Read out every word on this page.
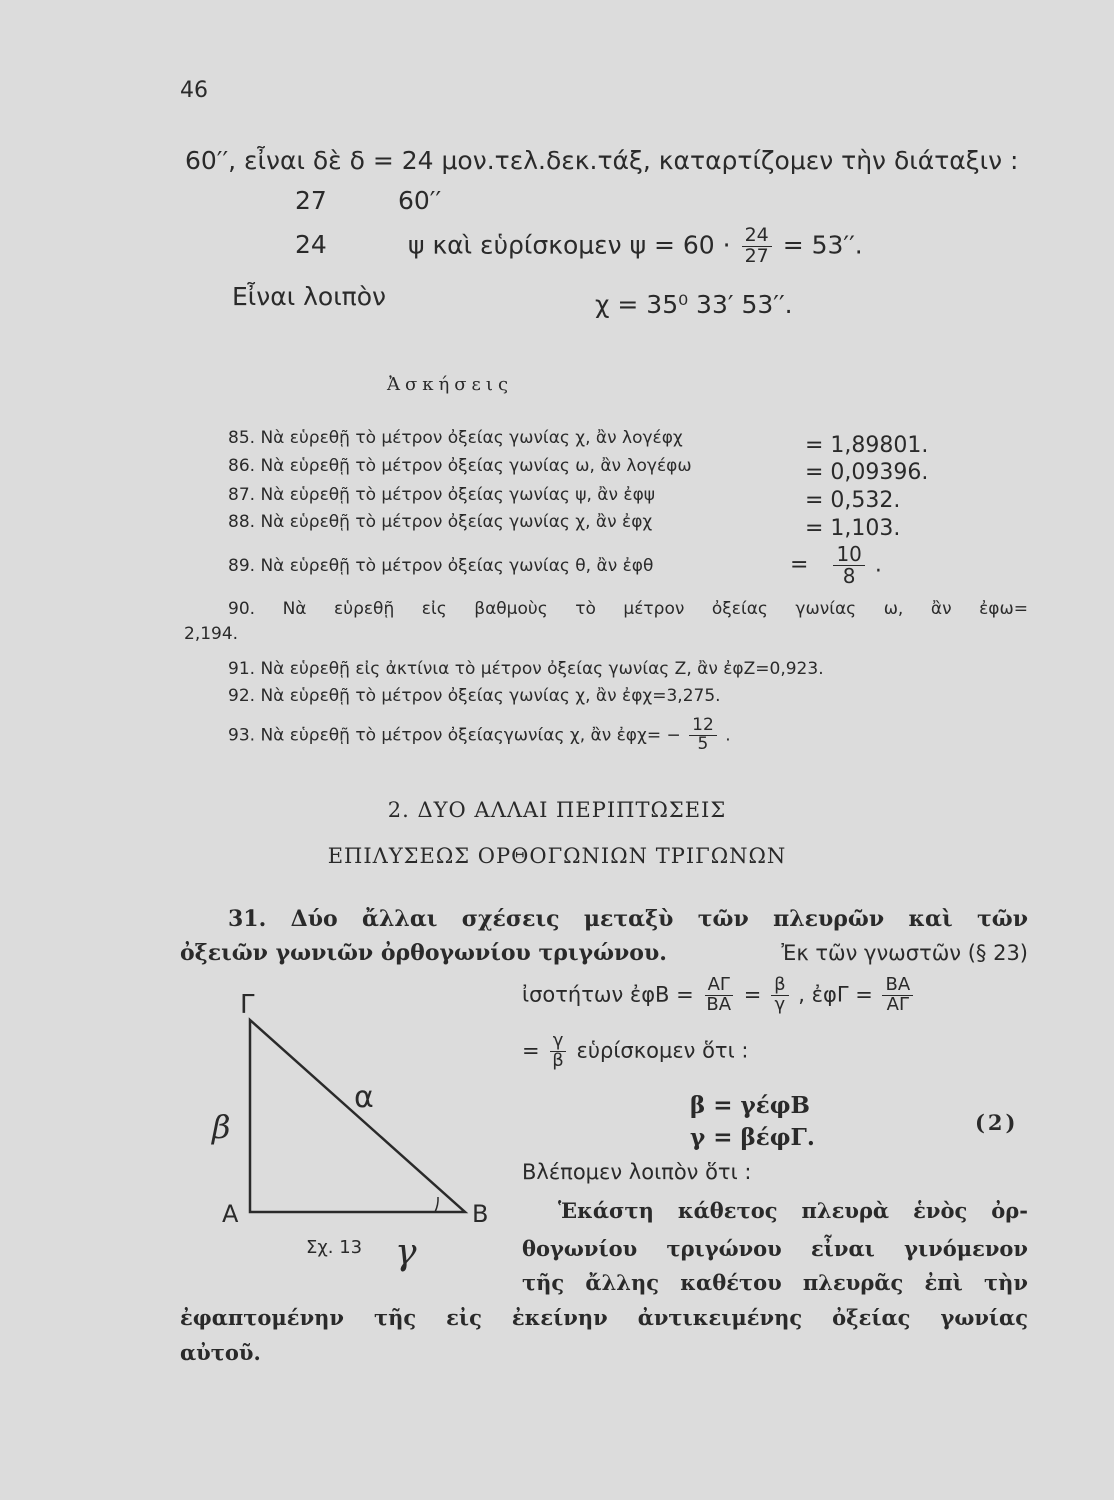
46
60′′, εἶναι δὲ δ = 24 μον.τελ.δεκ.τάξ, καταρτίζομεν τὴν διάταξιν :
27	60′′
24	ψ καὶ εὑρίσκομεν $\psi = 60 \cdot \frac{24}{27} = 53''$.
Εἶναι λοιπὸν	χ = 35⁰ 33′ 53′′.
Ἀσκήσεις
85. Νὰ εὑρεθῇ τὸ μέτρον ὀξείας γωνίας χ, ἂν λογέφχ	= 1,89801.
86. Νὰ εὑρεθῇ τὸ μέτρον ὀξείας γωνίας ω, ἂν λογέφω	= 0,09396.
87. Νὰ εὑρεθῇ τὸ μέτρον ὀξείας γωνίας ψ, ἂν ἐφψ	= 0,532.
88. Νὰ εὑρεθῇ τὸ μέτρον ὀξείας γωνίας χ, ἂν ἐφχ	= 1,103.
89. Νὰ εὑρεθῇ τὸ μέτρον ὀξείας γωνίας θ, ἂν ἐφθ	= $\frac{10}{8}$ .
90. Νὰ εὑρεθῇ εἰς βαθμοὺς τὸ μέτρον ὀξείας γωνίας ω, ἂν ἐφω=
2,194.
91. Νὰ εὑρεθῇ εἰς ἀκτίνια τὸ μέτρον ὀξείας γωνίας Ζ, ἂν ἐφΖ=0,923.
92. Νὰ εὑρεθῇ τὸ μέτρον ὀξείας γωνίας χ, ἂν ἐφχ=3,275.
93. Νὰ εὑρεθῇ τὸ μέτρον ὀξείαςγωνίας χ, ἂν ἐφχ= − $\frac{12}{5}$ .
2. ΔΥΟ ΑΛΛΑΙ ΠΕΡΙΠΤΩΣΕΙΣ
ΕΠΙΛΥΣΕΩΣ ΟΡΘΟΓΩΝΙΩΝ ΤΡΙΓΩΝΩΝ
31. Δύο ἄλλαι σχέσεις μεταξὺ τῶν πλευρῶν καὶ τῶν
ὀξειῶν γωνιῶν ὀρθογωνίου τριγώνου.	Ἐκ τῶν γνωστῶν (§ 23)
ἰσοτήτων ἐφΒ = $\frac{A\Gamma}{BA} = \frac{\beta}{\gamma}$ , ἐφΓ = $\frac{BA}{A\Gamma}$
= $\frac{\gamma}{\beta}$ εὑρίσκομεν ὅτι :
β = γέφΒ
γ = βέφΓ.
(2)
Βλέπομεν λοιπὸν ὅτι :
Ἑκάστη κάθετος πλευρὰ ἑνὸς ὀρ-
θογωνίου τριγώνου εἶναι γινόμενον
τῆς ἄλλης καθέτου πλευρᾶς ἐπὶ τὴν
ἐφαπτομένην τῆς εἰς ἐκείνην ἀντικειμένης ὀξείας γωνίας
αὐτοῦ.
Γ
Α	Β
α
β
γ
Σχ. 13
